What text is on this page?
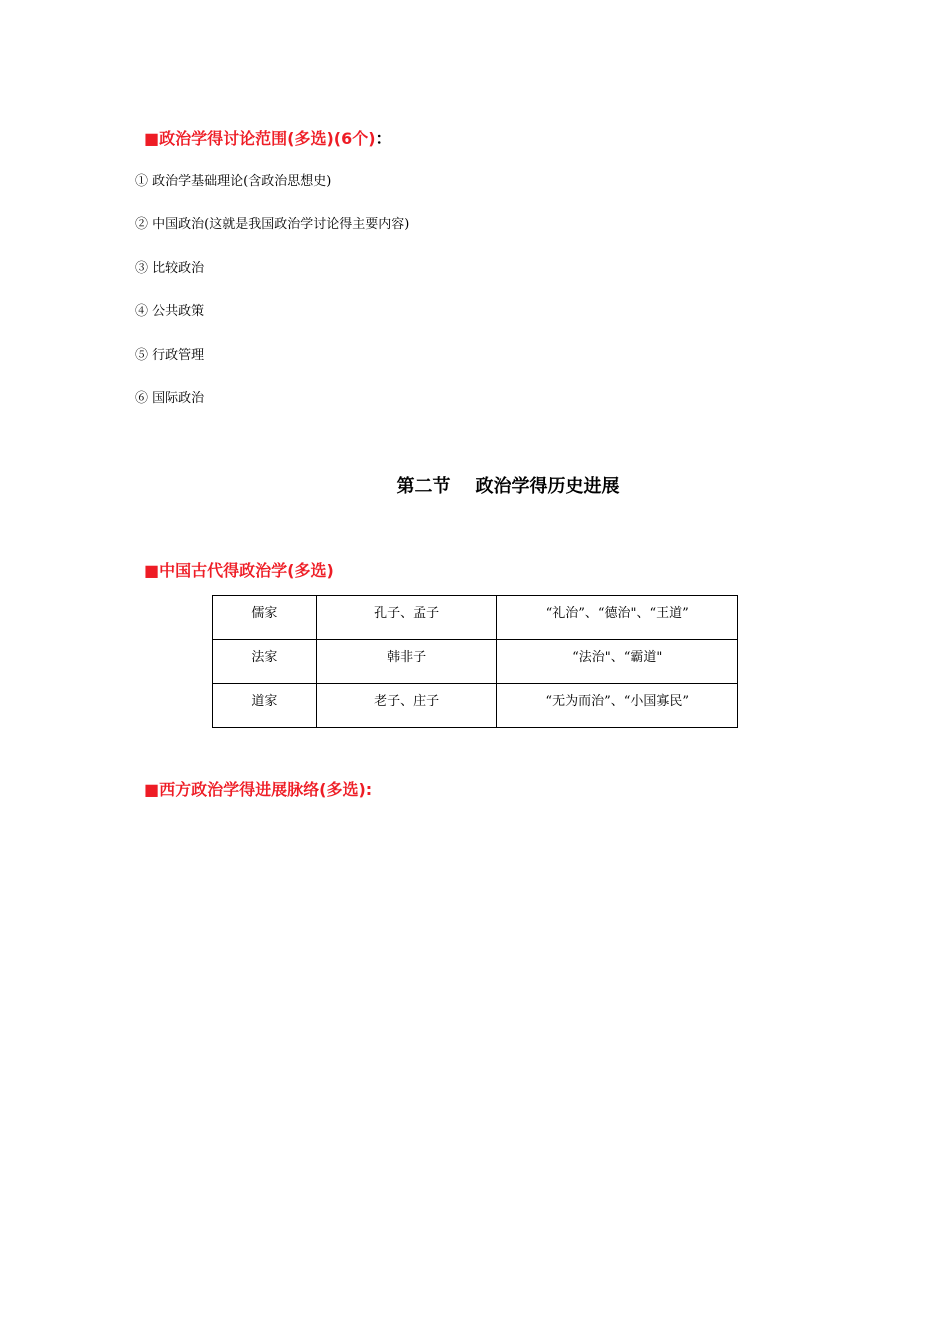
■政治学得讨论范围(多选)(6个)：
① 政治学基础理论(含政治思想史)
② 中国政治(这就是我国政治学讨论得主要内容)
③ 比较政治
④ 公共政策
⑤ 行政管理
⑥ 国际政治
第二节    政治学得历史进展
■中国古代得政治学(多选)
儒家	孔子、孟子	“礼治”、“德治"、“王道”
法家	韩非子	“法治"、“霸道"
道家	老子、庄子	“无为而治”、“小国寡民”
■西方政治学得进展脉络(多选):
